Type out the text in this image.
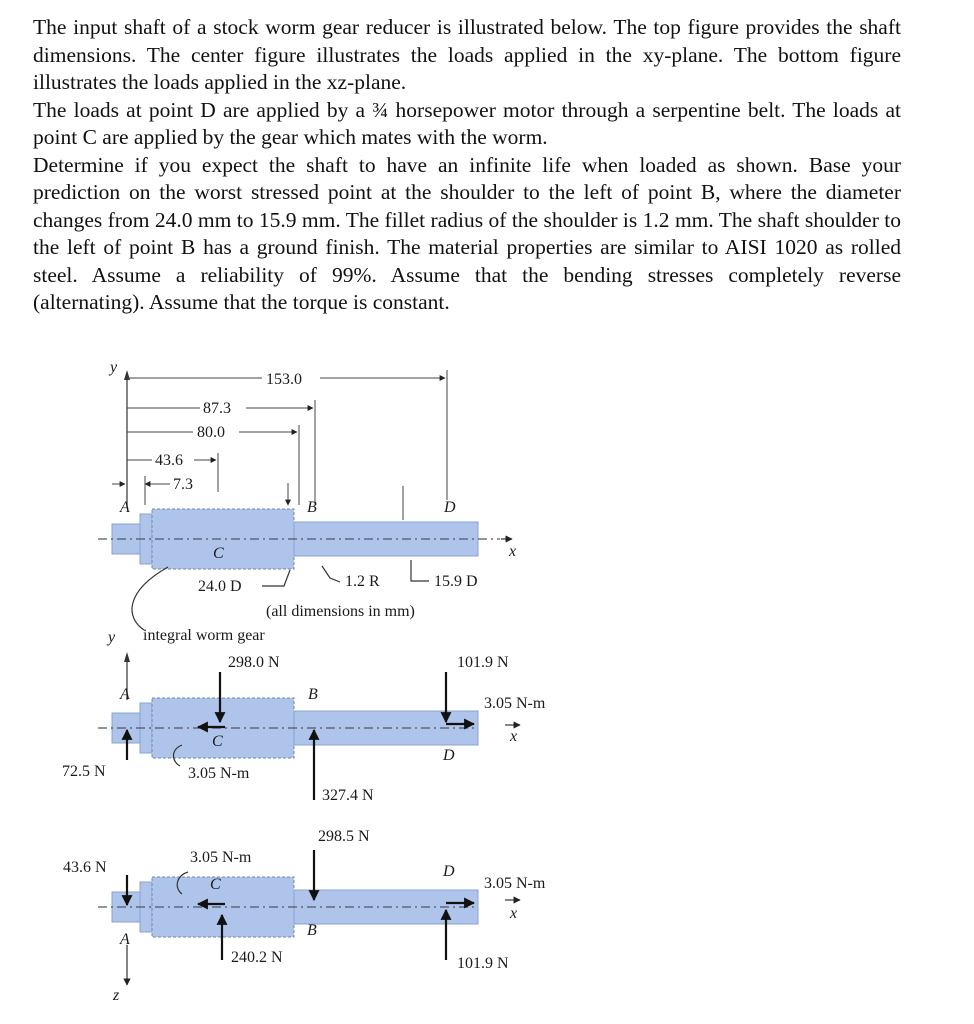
The input shaft of a stock worm gear reducer is illustrated below. The top figure provides the shaft dimensions. The center figure illustrates the loads applied in the xy-plane. The bottom figure illustrates the loads applied in the xz-plane.

The loads at point D are applied by a ¾ horsepower motor through a serpentine belt. The loads at point C are applied by the gear which mates with the worm.

Determine if you expect the shaft to have an infinite life when loaded as shown. Base your prediction on the worst stressed point at the shoulder to the left of point B, where the diameter changes from 24.0 mm to 15.9 mm. The fillet radius of the shoulder is 1.2 mm. The shaft shoulder to the left of point B has a ground finish. The material properties are similar to AISI 1020 as rolled steel. Assume a reliability of 99%. Assume that the bending stresses completely reverse (alternating). Assume that the torque is constant.

y
153.0
87.3
80.0
43.6
7.3
A	B	D
x
C
24.0 D	1.2 R	15.9 D
(all dimensions in mm)
integral worm gear
y
298.0 N	101.9 N
A	B
3.05 N-m
x
C
D
72.5 N	3.05 N-m
327.4 N
298.5 N
3.05 N-m
43.6 N	D
3.05 N-m
C
x
B
A
240.2 N	101.9 N
z
